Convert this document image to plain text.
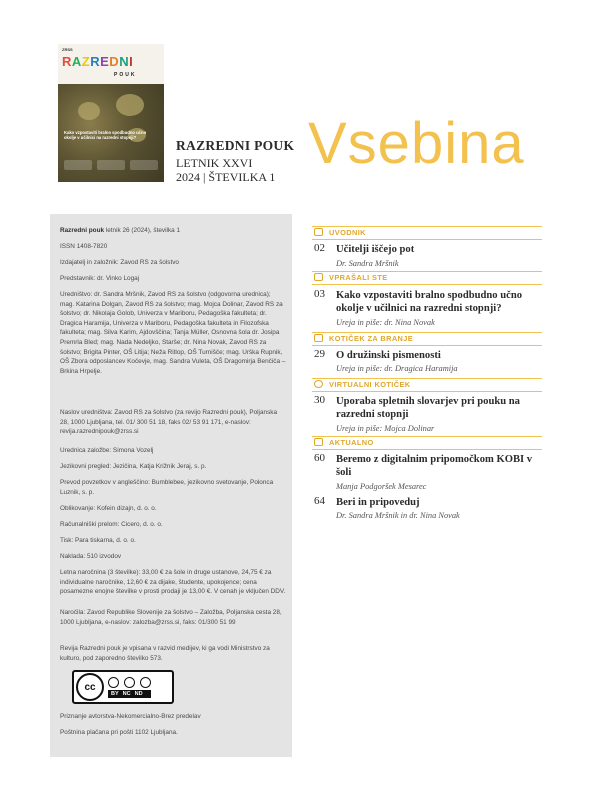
ZRSS
RAZREDNI
POUK
Kako vzpostaviti bralno spodbudno učno okolje v učilnici na razredni stopnji?
RAZREDNI POUK
LETNIK XXVI
2024 | ŠTEVILKA 1
Vsebina
Razredni pouk letnik 26 (2024), številka 1
ISSN 1408-7820
Izdajatelj in založnik: Zavod RS za šolstvo
Predstavnik: dr. Vinko Logaj
Uredništvo: dr. Sandra Mršnik, Zavod RS za šolstvo (odgovorna urednica); mag. Katarina Dolgan, Zavod RS za šolstvo; mag. Mojca Dolinar, Zavod RS za šolstvo; dr. Nikolaja Golob, Univerza v Mariboru, Pedagoška fakulteta; dr. Dragica Haramija, Univerza v Mariboru, Pedagoška fakulteta in Filozofska fakulteta; mag. Silva Karim, Ajdovščina; Tanja Müller, Osnovna šola dr. Josipa Premrla Bled; mag. Nada Nedeljko, Starše; dr. Nina Novak, Zavod RS za šolstvo; Brigita Pinter, OŠ Litija; Neža Ritlop, OŠ Turnišče; mag. Urška Rupnik, OŠ Zbora odposlancev Kočevje, mag. Sandra Vuleta, OŠ Dragomirja Benčiča – Brkina Hrpelje.
Naslov uredništva: Zavod RS za šolstvo (za revijo Razredni pouk), Poljanska 28, 1000 Ljubljana, tel. 01/ 300 51 18, faks 02/ 53 91 171, e-naslov: revija.razrednipouk@zrss.si
Urednica založbe: Simona Vozelj
Jezikovni pregled: Jezičina, Katja Križnik Jeraj, s. p.
Prevod povzetkov v angleščino: Bumblebee, jezikovno svetovanje, Polonca Luznik, s. p.
Oblikovanje: Kofein dizajn, d. o. o.
Računalniški prelom: Cicero, d. o. o.
Tisk: Para tiskarna, d. o. o.
Naklada: 510 izvodov
Letna naročnina (3 številke): 33,00 € za šole in druge ustanove, 24,75 € za individualne naročnike, 12,60 € za dijake, študente, upokojence; cena posamezne enojne številke v prosti prodaji je 13,00 €. V cenah je vključen DDV.
Naročila: Zavod Republike Slovenije za šolstvo – Založba, Poljanska cesta 28, 1000 Ljubljana, e-naslov: zalozba@zrss.si, faks: 01/300 51 99
Revija Razredni pouk je vpisana v razvid medijev, ki ga vodi Ministrstvo za kulturo, pod zaporedno številko 573.
cc
BY NC ND
Priznanje avtorstva-Nekomercialno-Brez predelav
Poštnina plačana pri pošti 1102 Ljubljana.
UVODNIK
02 Učitelji iščejo pot
Dr. Sandra Mršnik
VPRAŠALI STE
03 Kako vzpostaviti bralno spodbudno učno okolje v učilnici na razredni stopnji?
Ureja in piše: dr. Nina Novak
KOTIČEK ZA BRANJE
29 O družinski pismenosti
Ureja in piše: dr. Dragica Haramija
VIRTUALNI KOTIČEK
30 Uporaba spletnih slovarjev pri pouku na razredni stopnji
Ureja in piše: Mojca Dolinar
AKTUALNO
60 Beremo z digitalnim pripomočkom KOBI v šoli
Manja Podgoršek Mesarec
64 Beri in pripoveduj
Dr. Sandra Mršnik in dr. Nina Novak
